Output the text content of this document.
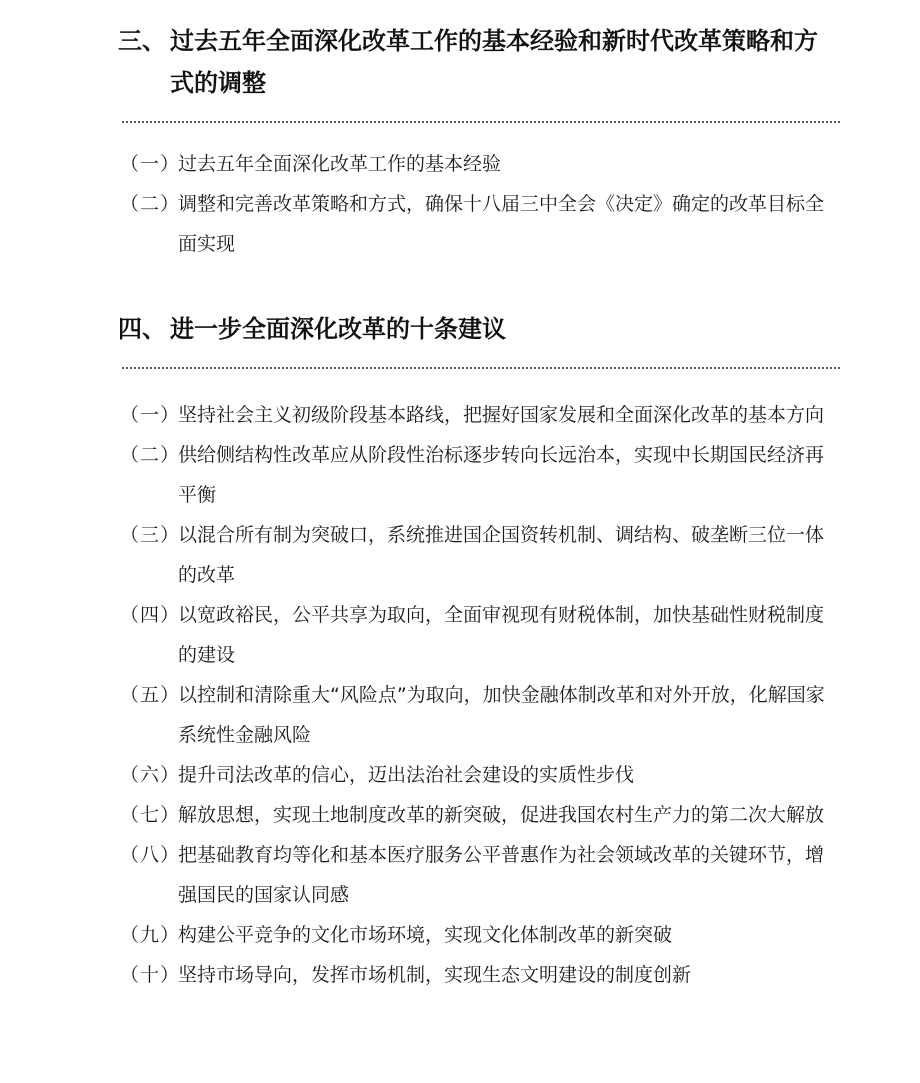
三、 过去五年全面深化改革工作的基本经验和新时代改革策略和方式的调整
（一）
过去五年全面深化改革工作的基本经验
（二）
调整和完善改革策略和方式，确保十八届三中全会《决定》确定的改革目标全面实现
四、 进一步全面深化改革的十条建议
（一）
坚持社会主义初级阶段基本路线，把握好国家发展和全面深化改革的基本方向
（二）
供给侧结构性改革应从阶段性治标逐步转向长远治本，实现中长期国民经济再平衡
（三）
以混合所有制为突破口，系统推进国企国资转机制、调结构、破垄断三位一体的改革
（四）
以宽政裕民，公平共享为取向，全面审视现有财税体制，加快基础性财税制度的建设
（五）
以控制和清除重大“风险点”为取向，加快金融体制改革和对外开放，化解国家系统性金融风险
（六）
提升司法改革的信心，迈出法治社会建设的实质性步伐
（七）
解放思想，实现土地制度改革的新突破，促进我国农村生产力的第二次大解放
（八）
把基础教育均等化和基本医疗服务公平普惠作为社会领域改革的关键环节，增强国民的国家认同感
（九）
构建公平竞争的文化市场环境，实现文化体制改革的新突破
（十）
坚持市场导向，发挥市场机制，实现生态文明建设的制度创新
